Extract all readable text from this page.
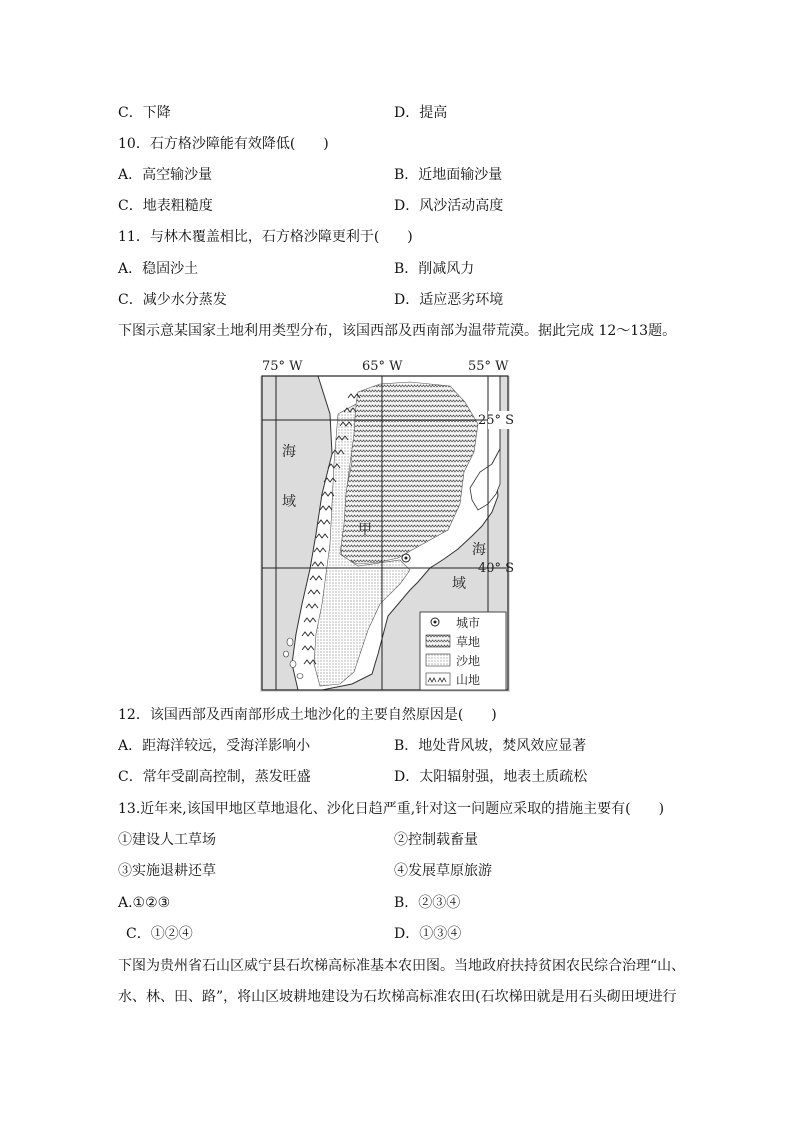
C．下降	D．提高
10．石方格沙障能有效降低(　　)
A．高空输沙量	B．近地面输沙量
C．地表粗糙度	D．风沙活动高度
11．与林木覆盖相比，石方格沙障更利于(　　)
A．稳固沙土	B．削减风力
C．减少水分蒸发	D．适应恶劣环境
下图示意某国家土地利用类型分布，该国西部及西南部为温带荒漠。据此完成 12～13题。
75° W	65° W	55° W
25° S
40° S
海
域
海
域
甲
城市
草地
沙地
山地
12．该国西部及西南部形成土地沙化的主要自然原因是(　　)
A．距海洋较远，受海洋影响小	B．地处背风坡，焚风效应显著
C．常年受副高控制，蒸发旺盛	D．太阳辐射强，地表土质疏松
13.近年来,该国甲地区草地退化、沙化日趋严重,针对这一问题应采取的措施主要有(　　)
①建设人工草场	②控制载畜量
③实施退耕还草	④发展草原旅游
A.①②③	B．②③④
C．①②④	D．①③④
下图为贵州省石山区威宁县石坎梯高标准基本农田图。当地政府扶持贫困农民综合治理“山、
水、林、田、路”，将山区坡耕地建设为石坎梯高标准农田(石坎梯田就是用石头砌田埂进行
